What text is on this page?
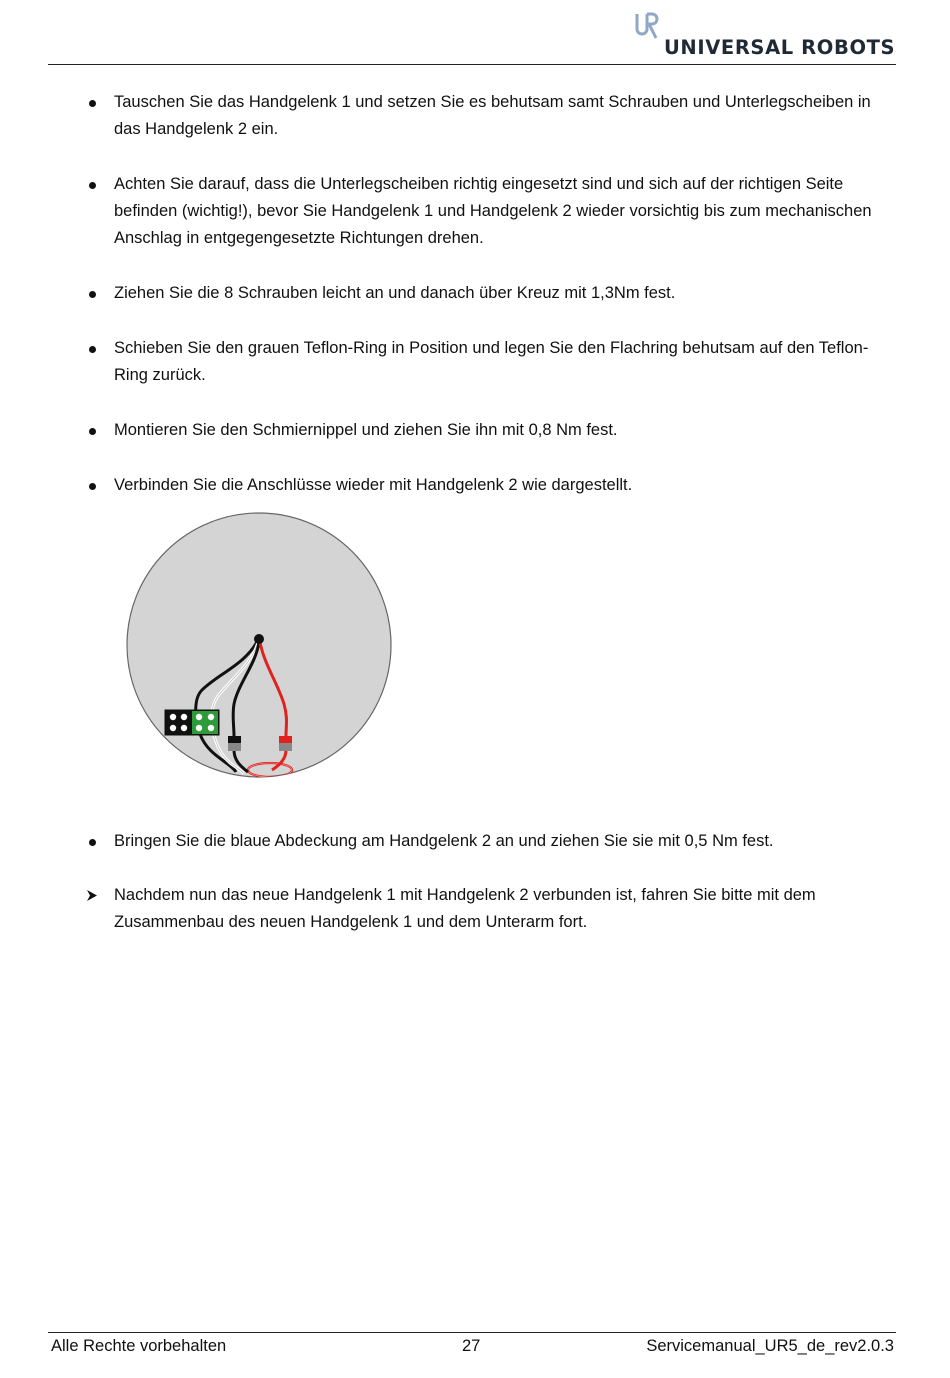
UNIVERSAL ROBOTS
Tauschen Sie das Handgelenk 1 und setzen Sie es behutsam samt Schrauben und Unterlegscheiben in das Handgelenk 2 ein.
Achten Sie darauf, dass die Unterlegscheiben richtig eingesetzt sind und sich auf der richtigen Seite befinden (wichtig!), bevor Sie Handgelenk 1 und Handgelenk 2 wieder vorsichtig bis zum mechanischen Anschlag in entgegengesetzte Richtungen drehen.
Ziehen Sie die 8 Schrauben leicht an und danach über Kreuz mit 1,3Nm fest.
Schieben Sie den grauen Teflon-Ring in Position und legen Sie den Flachring behutsam auf den Teflon-Ring zurück.
Montieren Sie den Schmiernippel und ziehen Sie ihn mit 0,8 Nm fest.
Verbinden Sie die Anschlüsse wieder mit Handgelenk 2 wie dargestellt.
Bringen Sie die blaue Abdeckung am Handgelenk 2 an und ziehen Sie sie mit 0,5 Nm fest.
Nachdem nun das neue Handgelenk 1 mit Handgelenk 2 verbunden ist, fahren Sie bitte mit dem Zusammenbau des neuen Handgelenk 1 und dem Unterarm fort.
Alle Rechte vorbehalten	27	Servicemanual_UR5_de_rev2.0.3
